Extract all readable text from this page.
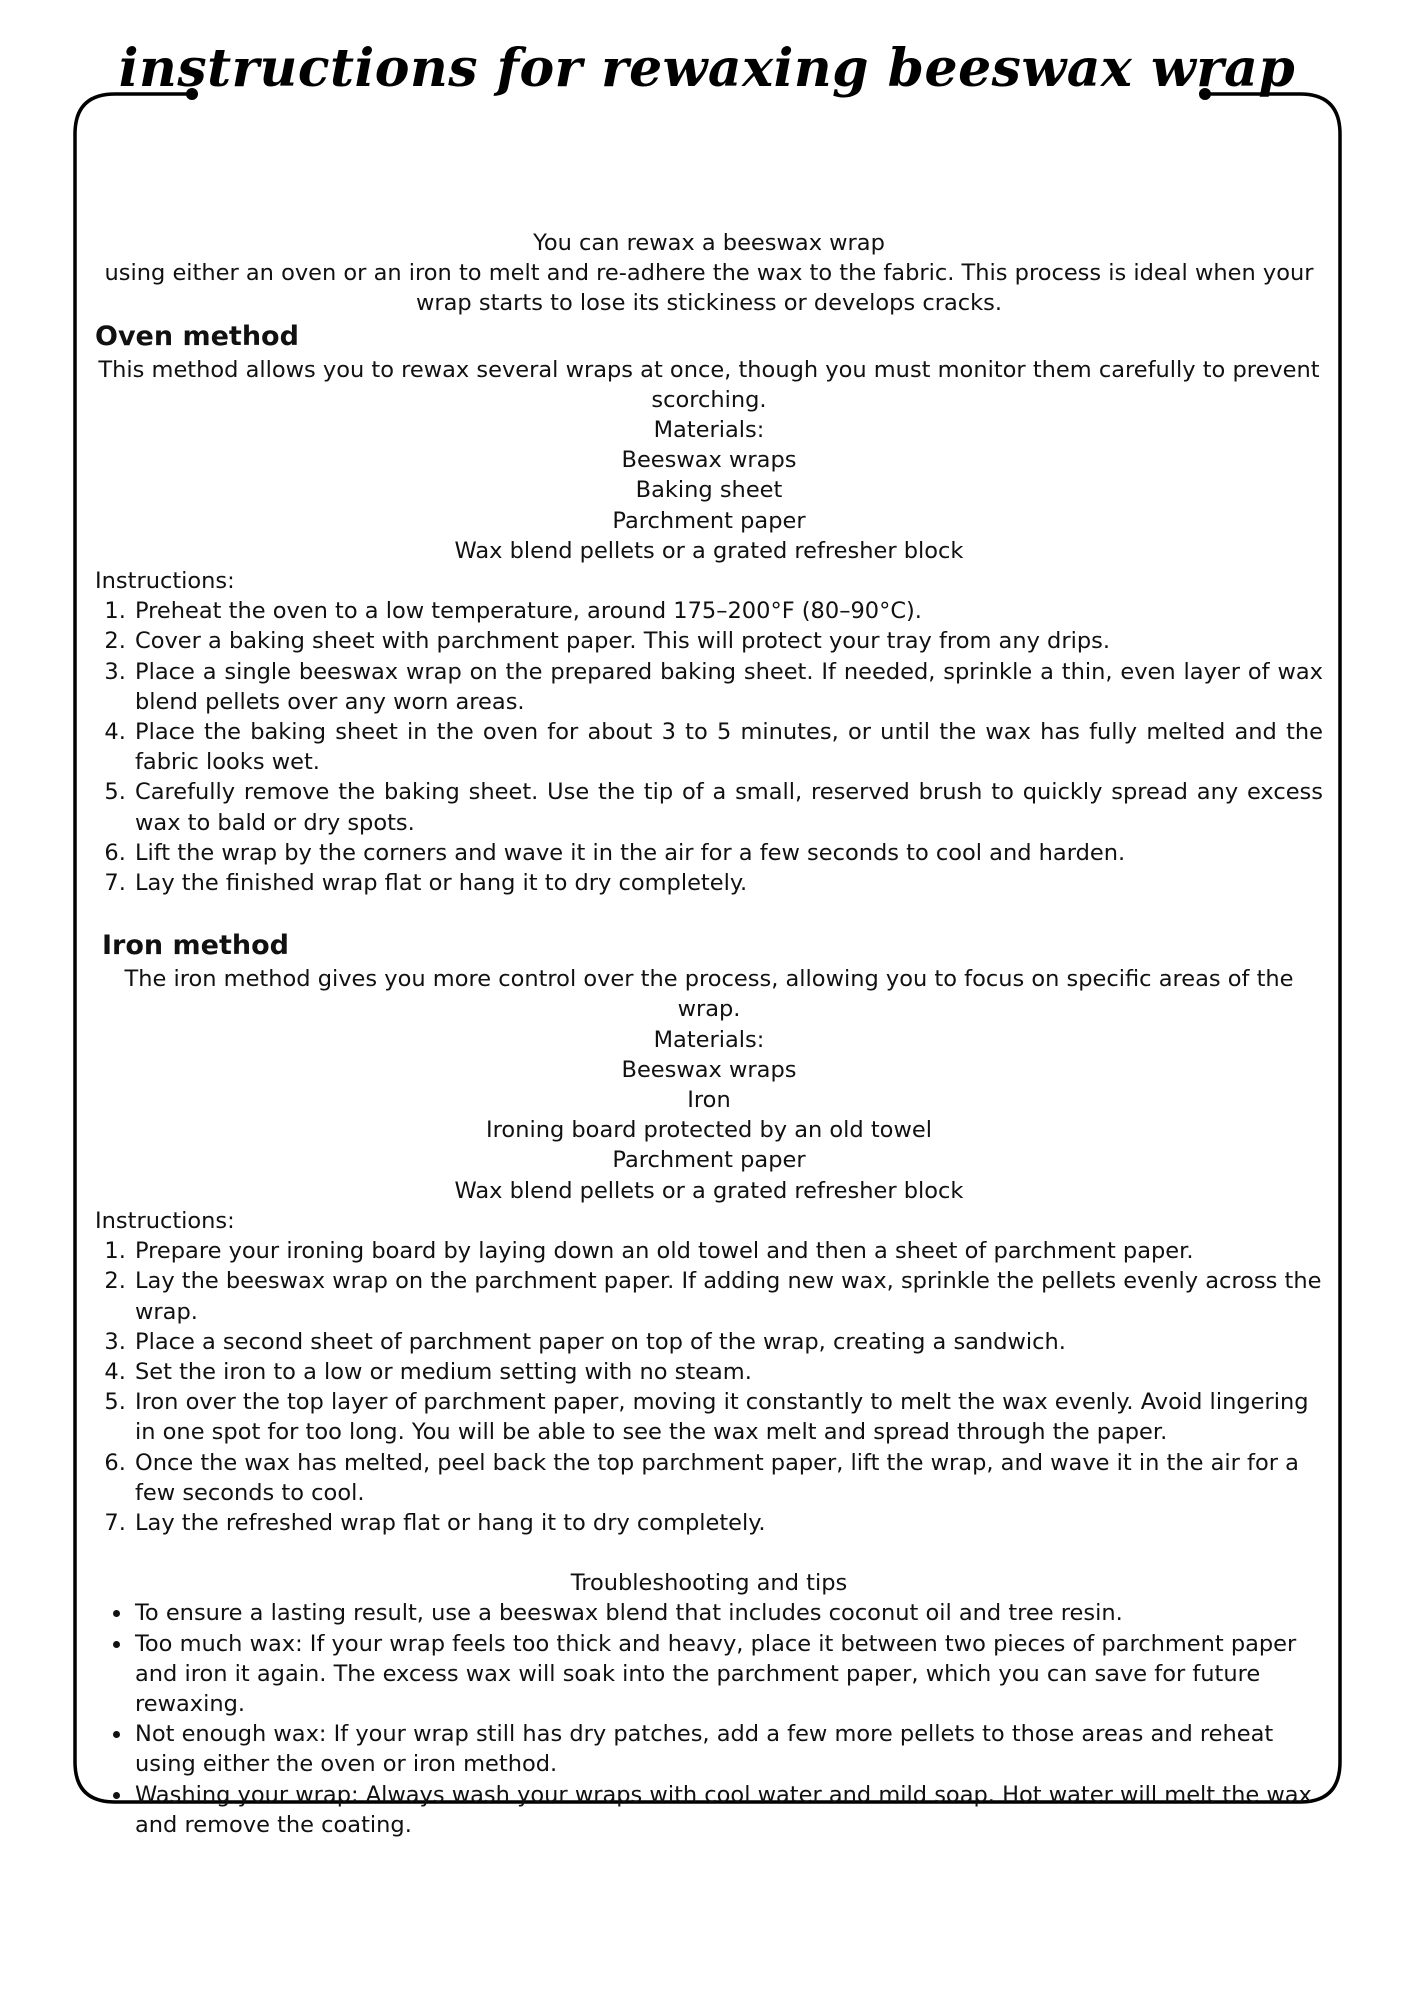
instructions for rewaxing beeswax wrap

You can rewax a beeswax wrap

using either an oven or an iron to melt and re-adhere the wax to the fabric. This process is ideal when your wrap starts to lose its stickiness or develops cracks.

Oven method

This method allows you to rewax several wraps at once, though you must monitor them carefully to prevent scorching.

Materials:

Beeswax wraps

Baking sheet

Parchment paper

Wax blend pellets or a grated refresher block

Instructions:

1. Preheat the oven to a low temperature, around 175–200°F (80–90°C).
2. Cover a baking sheet with parchment paper. This will protect your tray from any drips.
3. Place a single beeswax wrap on the prepared baking sheet. If needed, sprinkle a thin, even layer of wax blend pellets over any worn areas.
4. Place the baking sheet in the oven for about 3 to 5 minutes, or until the wax has fully melted and the fabric looks wet.
5. Carefully remove the baking sheet. Use the tip of a small, reserved brush to quickly spread any excess wax to bald or dry spots.
6. Lift the wrap by the corners and wave it in the air for a few seconds to cool and harden.
7. Lay the finished wrap flat or hang it to dry completely.

Iron method

The iron method gives you more control over the process, allowing you to focus on specific areas of the wrap.

Materials:

Beeswax wraps

Iron

Ironing board protected by an old towel

Parchment paper

Wax blend pellets or a grated refresher block

Instructions:

1. Prepare your ironing board by laying down an old towel and then a sheet of parchment paper.
2. Lay the beeswax wrap on the parchment paper. If adding new wax, sprinkle the pellets evenly across the wrap.
3. Place a second sheet of parchment paper on top of the wrap, creating a sandwich.
4. Set the iron to a low or medium setting with no steam.
5. Iron over the top layer of parchment paper, moving it constantly to melt the wax evenly. Avoid lingering in one spot for too long. You will be able to see the wax melt and spread through the paper.
6. Once the wax has melted, peel back the top parchment paper, lift the wrap, and wave it in the air for a few seconds to cool.
7. Lay the refreshed wrap flat or hang it to dry completely.

Troubleshooting and tips

• To ensure a lasting result, use a beeswax blend that includes coconut oil and tree resin.
• Too much wax: If your wrap feels too thick and heavy, place it between two pieces of parchment paper and iron it again. The excess wax will soak into the parchment paper, which you can save for future rewaxing.
• Not enough wax: If your wrap still has dry patches, add a few more pellets to those areas and reheat using either the oven or iron method.
• Washing your wrap: Always wash your wraps with cool water and mild soap. Hot water will melt the wax and remove the coating.
